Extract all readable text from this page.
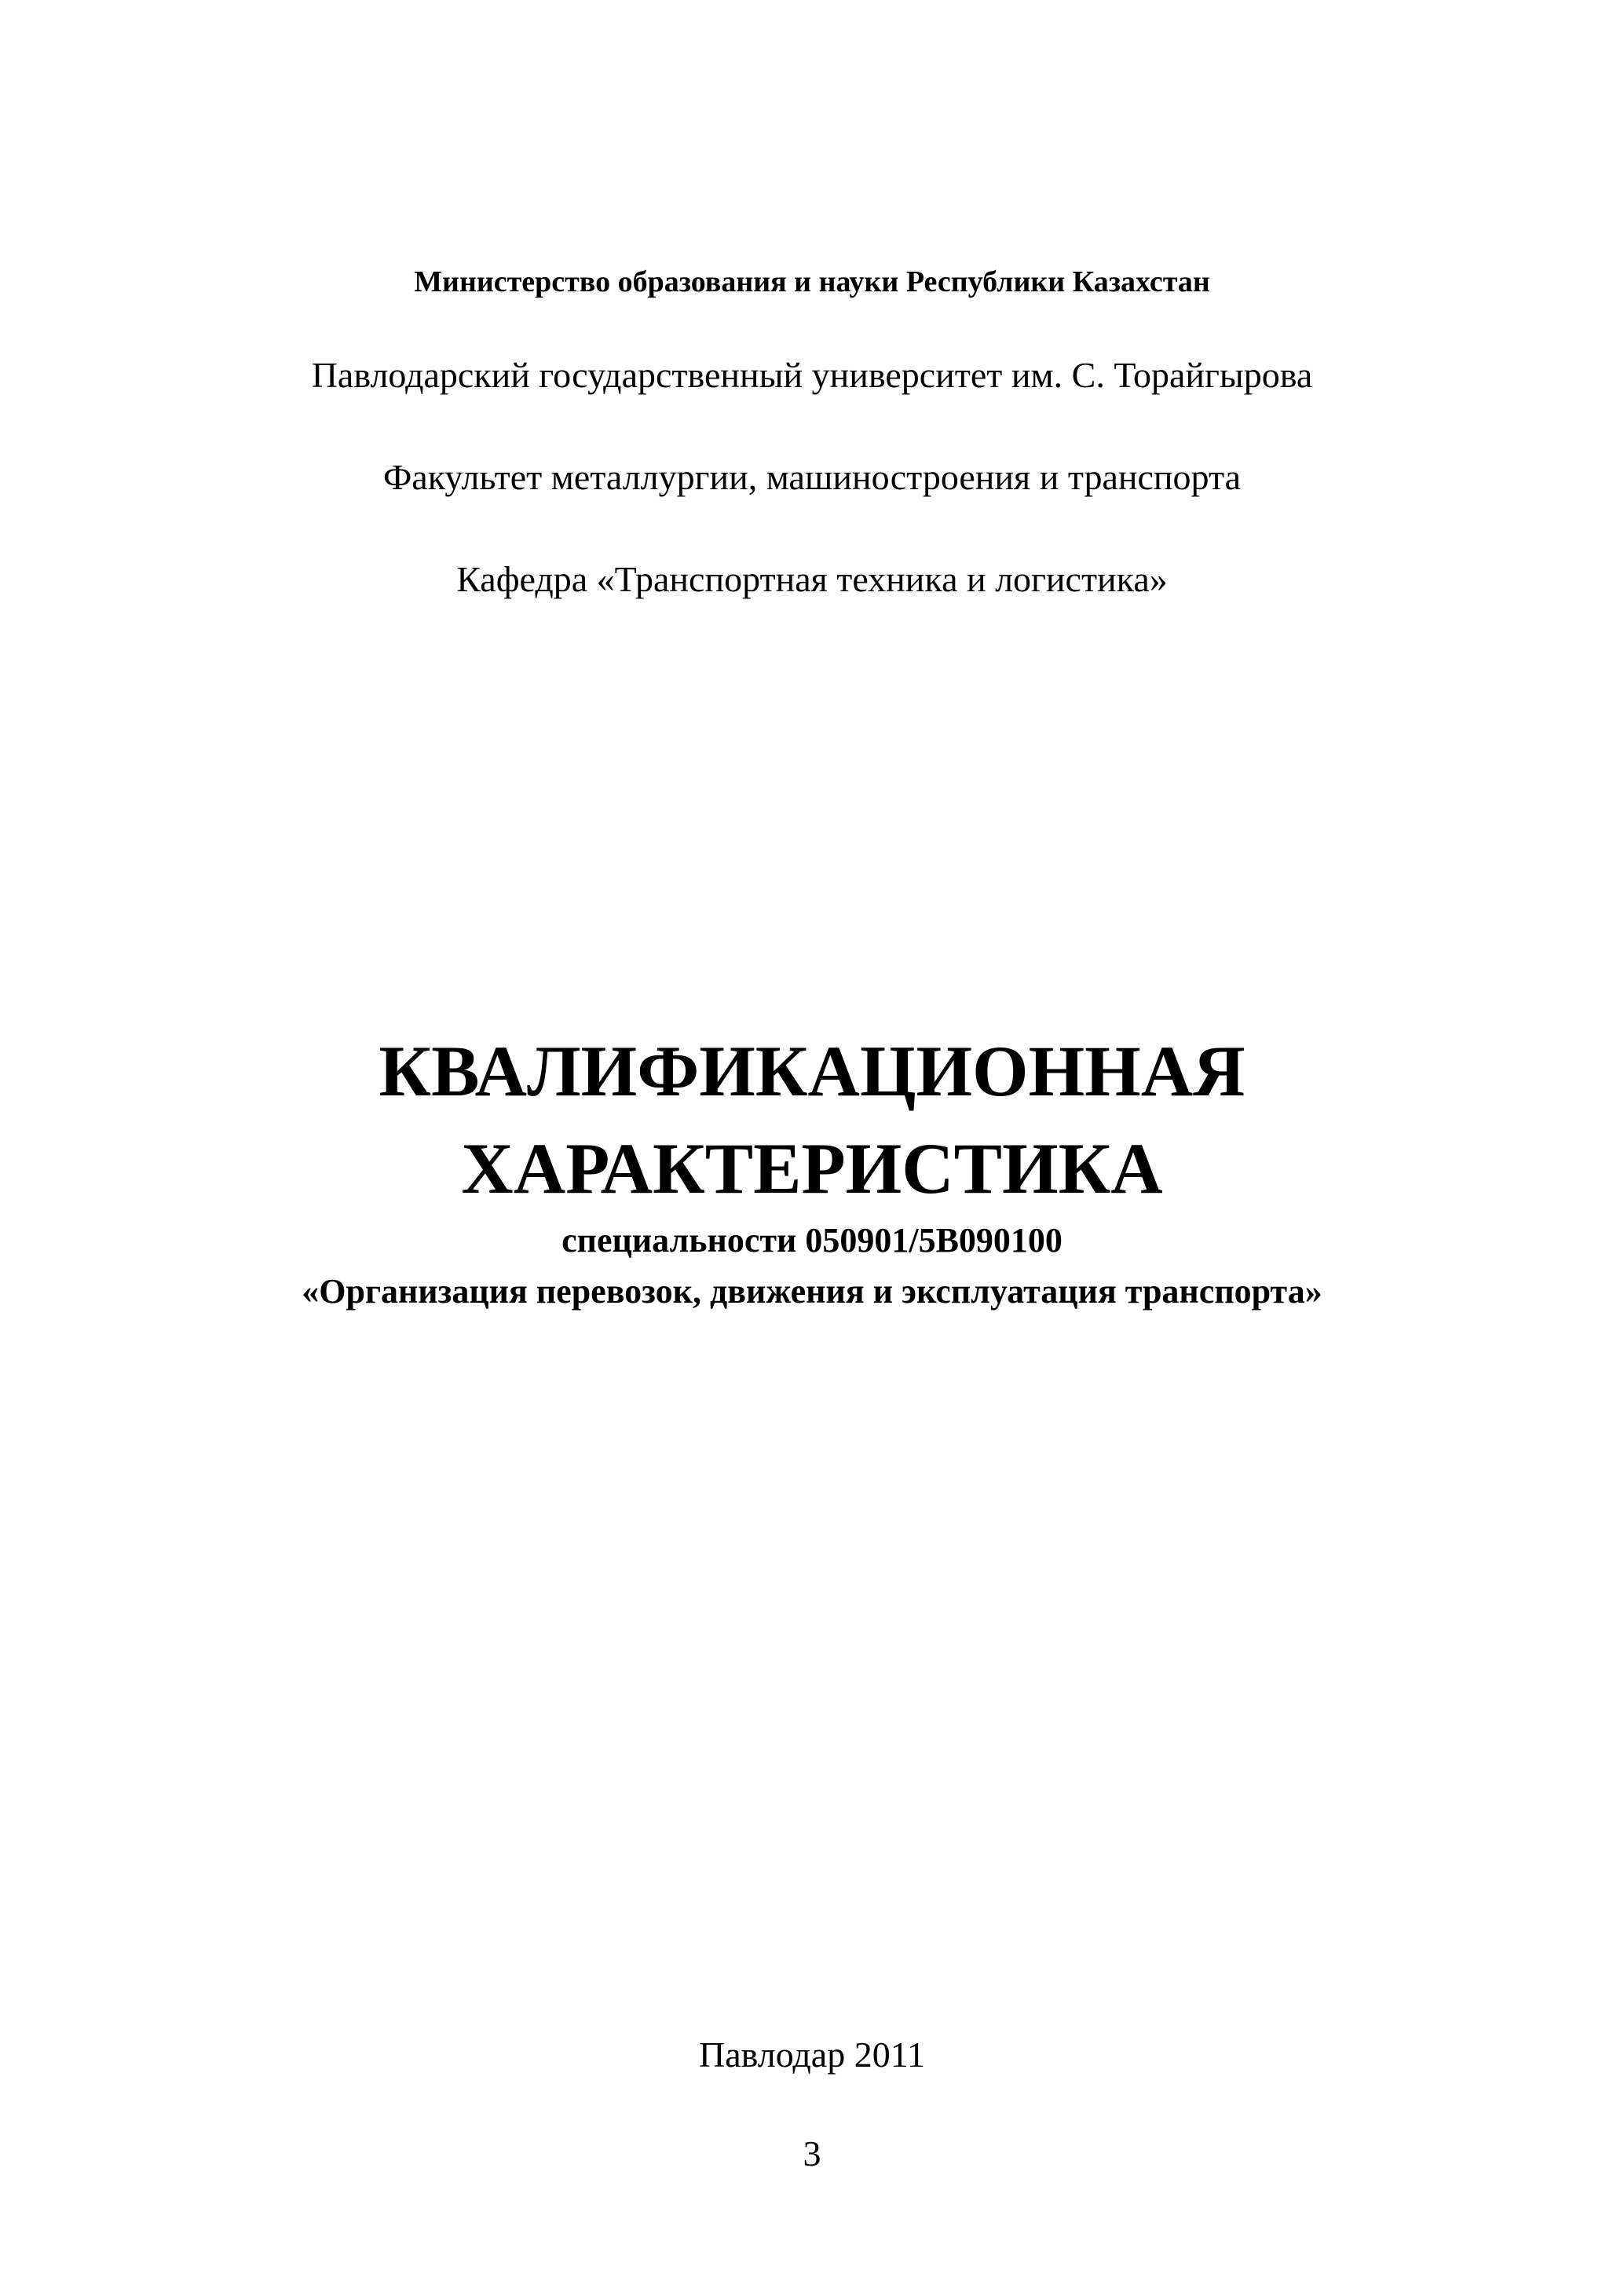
Министерство образования и науки Республики Казахстан
Павлодарский государственный университет им. С. Торайгырова
Факультет металлургии, машиностроения и транспорта
Кафедра «Транспортная техника и логистика»
КВАЛИФИКАЦИОННАЯ
ХАРАКТЕРИСТИКА
специальности 050901/5В090100
«Организация перевозок, движения и эксплуатация транспорта»
Павлодар 2011
3
